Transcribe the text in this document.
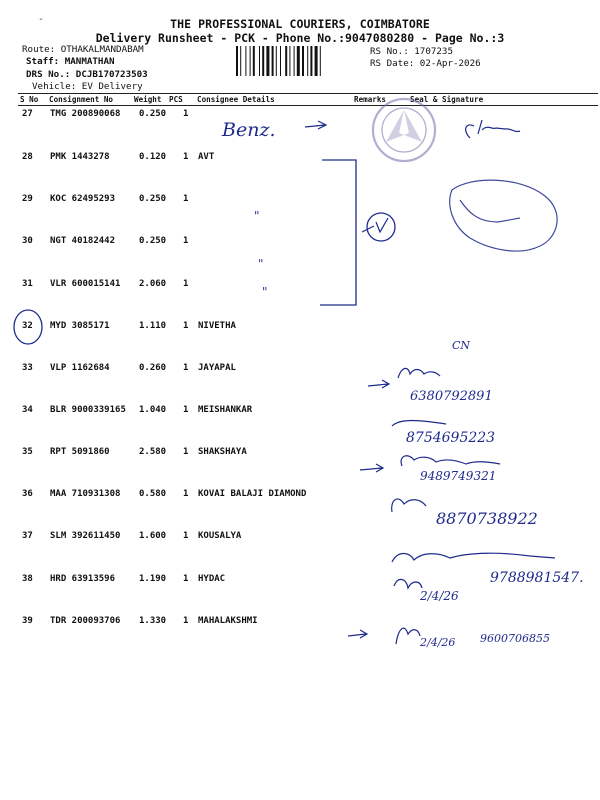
-	THE PROFESSIONAL COURIERS, COIMBATORE
Delivery Runsheet - PCK - Phone No.:9047080280 - Page No.:3
Route: OTHAKALMANDABAM
Staff: MANMATHAN
DRS No.: DCJB170723503
Vehicle: EV Delivery
RS No.: 1707235
RS Date: 02-Apr-2026
S No Consignment No	Weight PCS Consignee Details	Remarks	Seal & Signature
27 TMG 200890068 0.250 1
28 PMK 1443278	0.120 1 AVT
29 KOC 62495293	0.250 1
30 NGT 40182442	0.250 1
31 VLR 600015141 2.060 1
32 MYD 3085171	1.110 1 NIVETHA
33 VLP 1162684	0.260 1 JAYAPAL
34 BLR 9000339165 1.040 1 MEISHANKAR
35 RPT 5091860	2.580 1 SHAKSHAYA
36 MAA 710931308 0.580 1 KOVAI BALAJI DIAMOND
37 SLM 392611450 1.600 1 KOUSALYA
38 HRD 63913596	1.190 1 HYDAC
39 TDR 200093706 1.330 1 MAHALAKSHMI
Benz.
"
"
"
CN
6380792891
8754695223
9489749321
8870738922
2/4/26
9788981547.
2/4/26 9600706855
